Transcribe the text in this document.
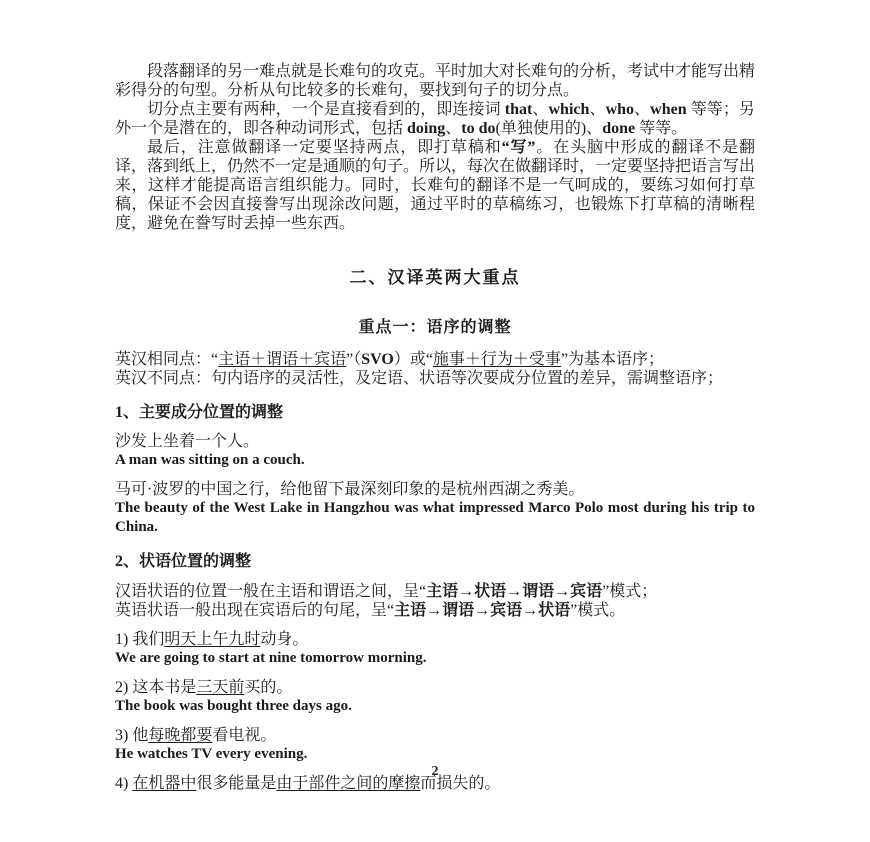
段落翻译的另一难点就是长难句的攻克。平时加大对长难句的分析，考试中才能写出精彩得分的句型。分析从句比较多的长难句，要找到句子的切分点。

切分点主要有两种，一个是直接看到的，即连接词 that、which、who、when 等等；另外一个是潜在的，即各种动词形式，包括 doing、to do(单独使用的)、done 等等。

最后，注意做翻译一定要坚持两点，即打草稿和“写”。在头脑中形成的翻译不是翻译，落到纸上，仍然不一定是通顺的句子。所以，每次在做翻译时，一定要坚持把语言写出来，这样才能提高语言组织能力。同时，长难句的翻译不是一气呵成的，要练习如何打草稿，保证不会因直接誊写出现涂改问题，通过平时的草稿练习，也锻炼下打草稿的清晰程度，避免在誊写时丢掉一些东西。

二、汉译英两大重点
重点一：语序的调整

英汉相同点：“主语＋谓语＋宾语”（SVO）或“施事＋行为＋受事”为基本语序；

英汉不同点：句内语序的灵活性，及定语、状语等次要成分位置的差异，需调整语序；

1、主要成分位置的调整

沙发上坐着一个人。

A man was sitting on a couch.

马可·波罗的中国之行，给他留下最深刻印象的是杭州西湖之秀美。

The beauty of the West Lake in Hangzhou was what impressed Marco Polo most during his trip to China.

2、状语位置的调整

汉语状语的位置一般在主语和谓语之间，呈“主语→状语→谓语→宾语”模式；

英语状语一般出现在宾语后的句尾，呈“主语→谓语→宾语→状语”模式。

1) 我们明天上午九时动身。

We are going to start at nine tomorrow morning.

2) 这本书是三天前买的。

The book was bought three days ago.

3) 他每晚都要看电视。

He watches TV every evening.

4) 在机器中很多能量是由于部件之间的摩擦而损失的。

2
